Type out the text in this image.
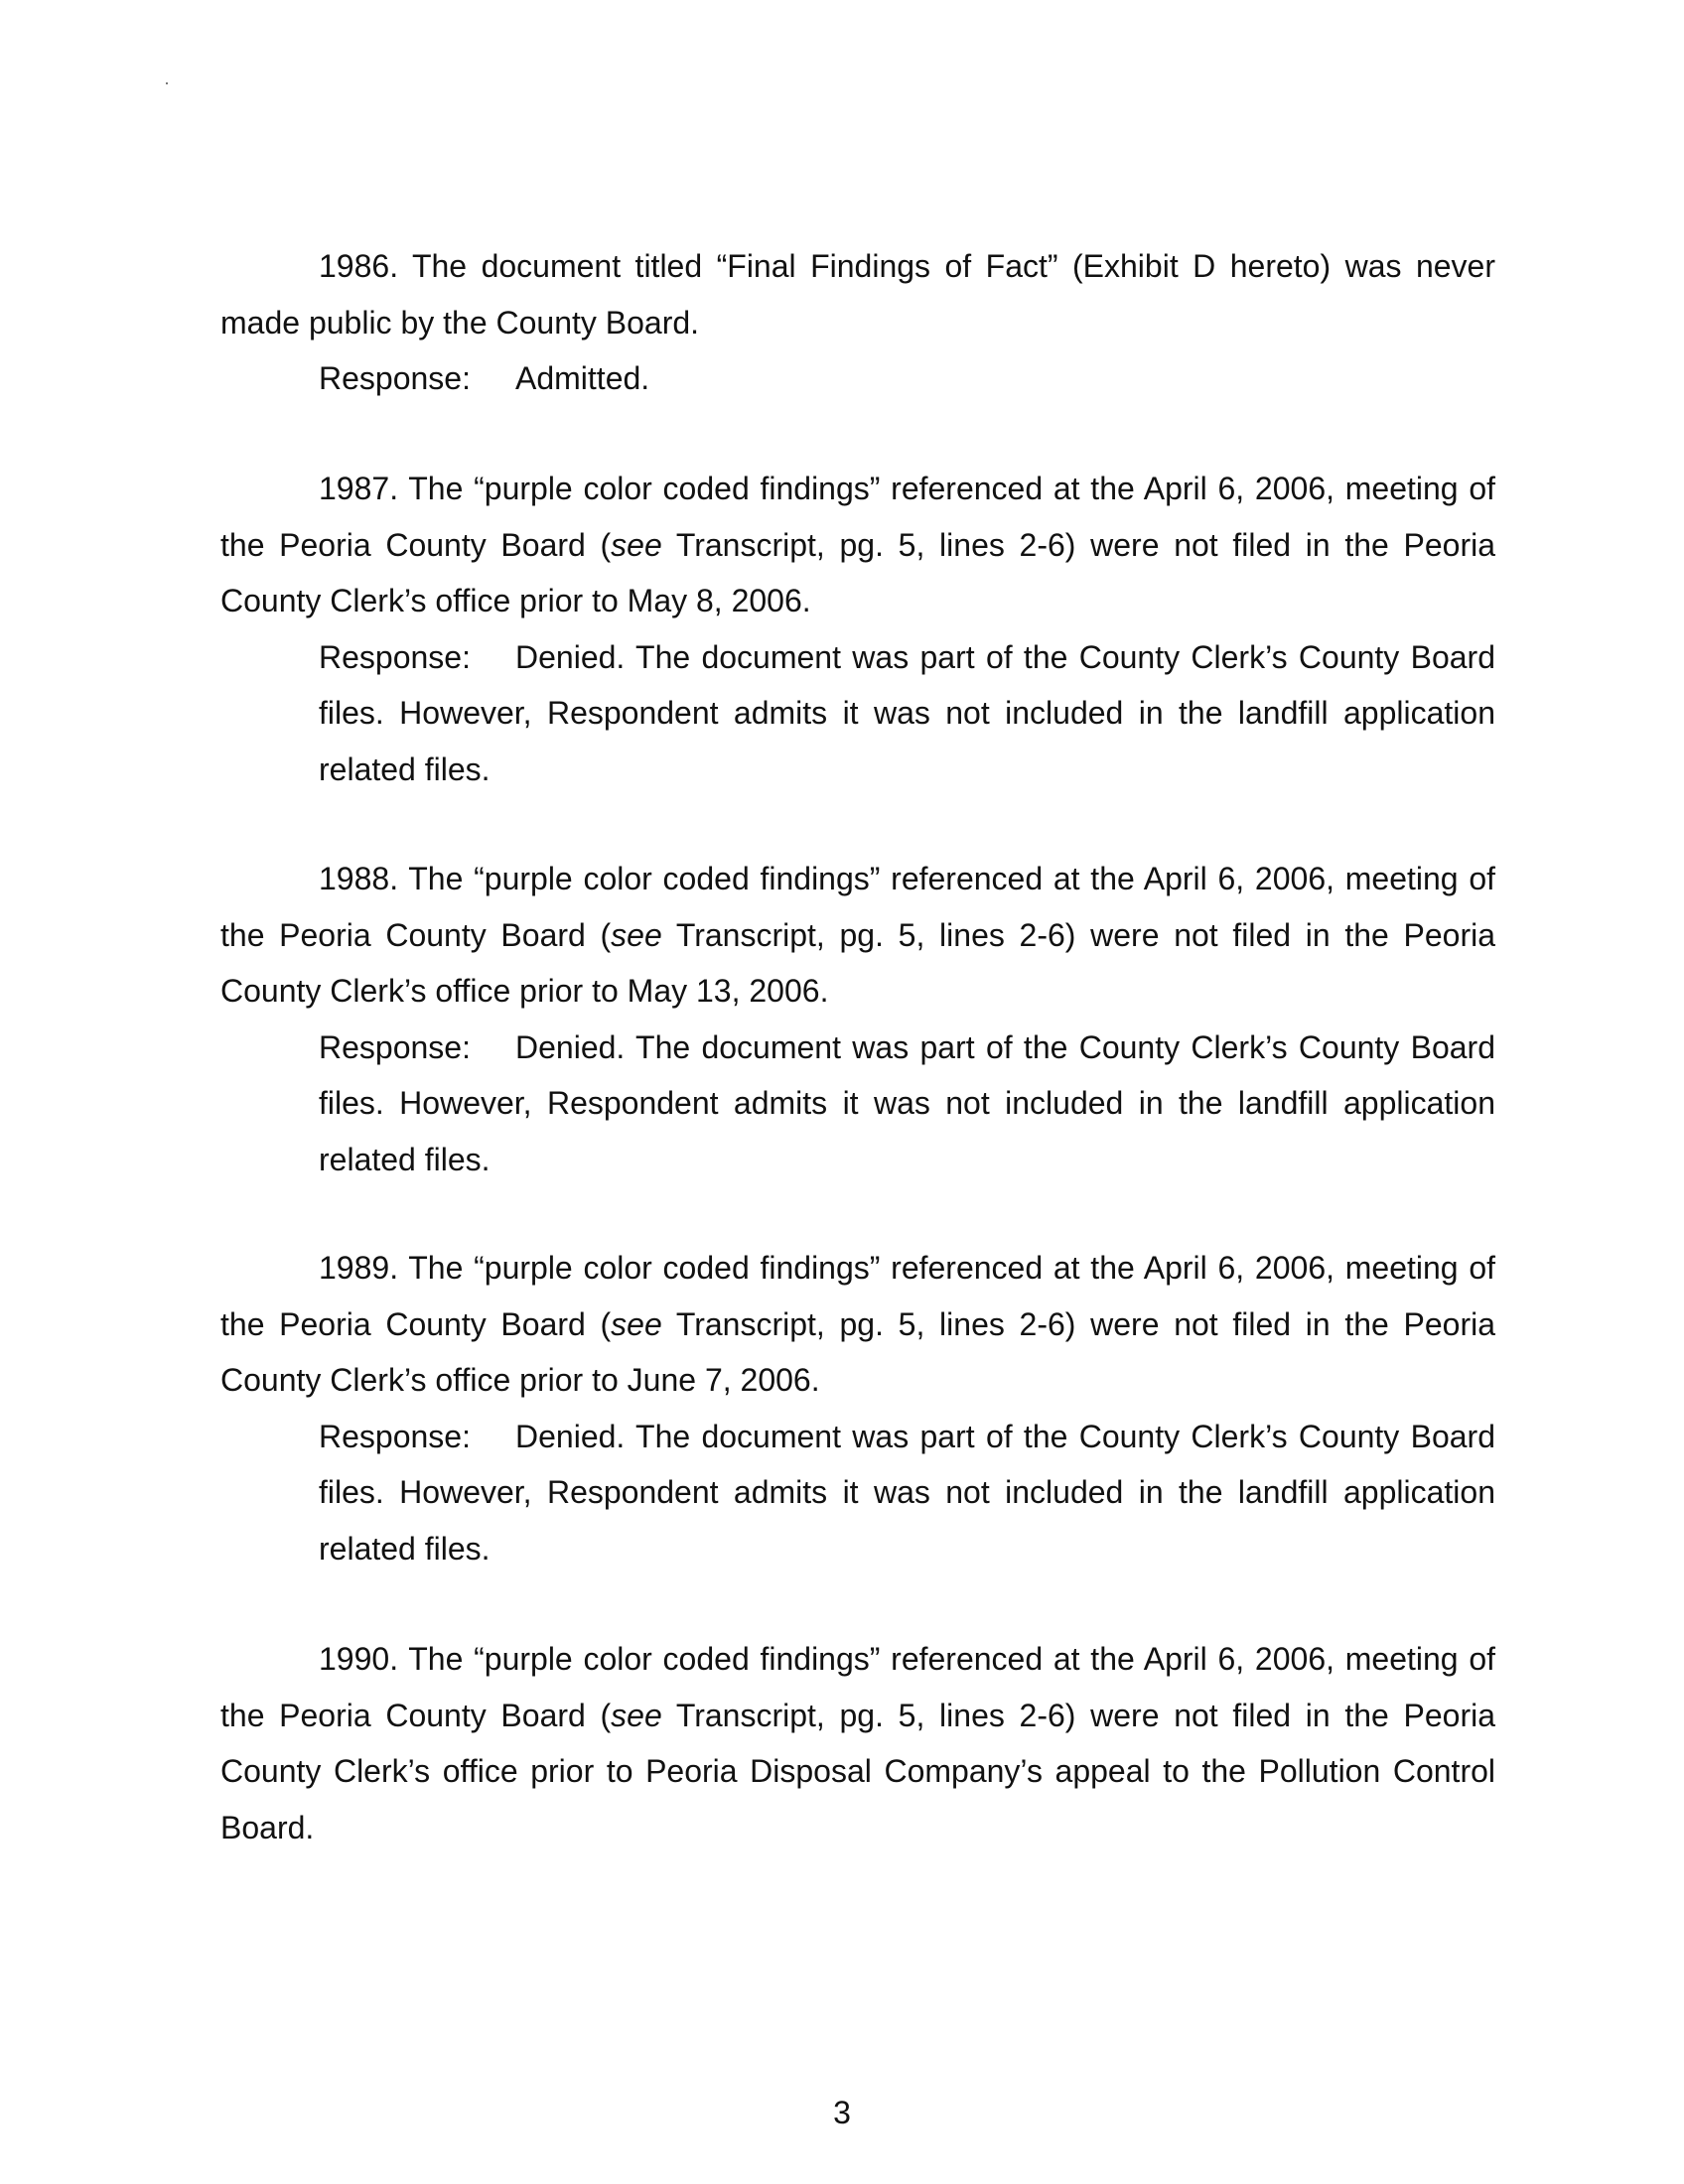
1986. The document titled “Final Findings of Fact” (Exhibit D hereto) was never made public by the County Board.

Response: Admitted.

1987. The “purple color coded findings” referenced at the April 6, 2006, meeting of the Peoria County Board (see Transcript, pg. 5, lines 2-6) were not filed in the Peoria County Clerk’s office prior to May 8, 2006.

Response: Denied. The document was part of the County Clerk’s County Board files. However, Respondent admits it was not included in the landfill application related files.

1988. The “purple color coded findings” referenced at the April 6, 2006, meeting of the Peoria County Board (see Transcript, pg. 5, lines 2-6) were not filed in the Peoria County Clerk’s office prior to May 13, 2006.

Response: Denied. The document was part of the County Clerk’s County Board files. However, Respondent admits it was not included in the landfill application related files.

1989. The “purple color coded findings” referenced at the April 6, 2006, meeting of the Peoria County Board (see Transcript, pg. 5, lines 2-6) were not filed in the Peoria County Clerk’s office prior to June 7, 2006.

Response: Denied. The document was part of the County Clerk’s County Board files. However, Respondent admits it was not included in the landfill application related files.

1990. The “purple color coded findings” referenced at the April 6, 2006, meeting of the Peoria County Board (see Transcript, pg. 5, lines 2-6) were not filed in the Peoria County Clerk’s office prior to Peoria Disposal Company’s appeal to the Pollution Control Board.

3
